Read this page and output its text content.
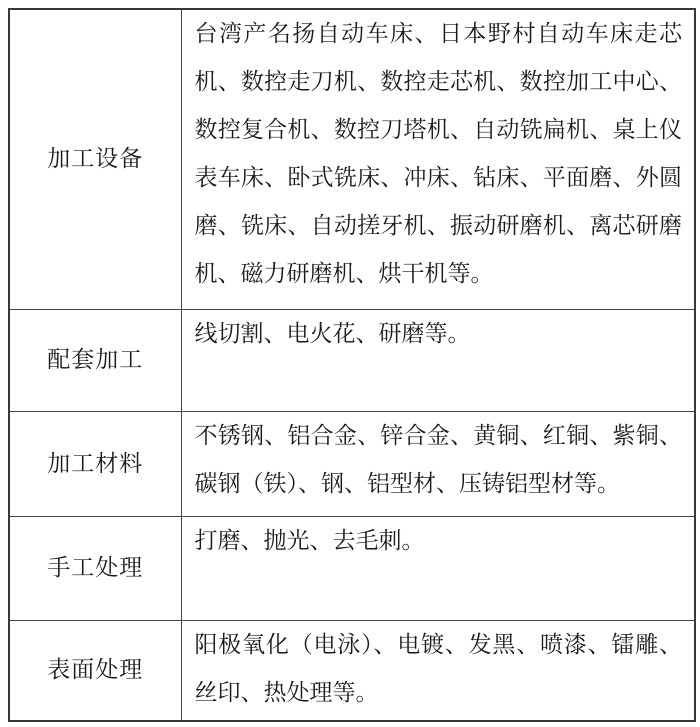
加工设备	台湾产名扬自动车床、日本野村自动车床走芯机、数控走刀机、数控走芯机、数控加工中心、数控复合机、数控刀塔机、自动铣扁机、桌上仪表车床、卧式铣床、冲床、钻床、平面磨、外圆磨、铣床、自动搓牙机、振动研磨机、离芯研磨机、磁力研磨机、烘干机等。
配套加工	线切割、电火花、研磨等。
加工材料	不锈钢、铝合金、锌合金、黄铜、红铜、紫铜、碳钢（铁）、钢、铝型材、压铸铝型材等。
手工处理	打磨、抛光、去毛刺。
表面处理	阳极氧化（电泳）、电镀、发黑、喷漆、镭雕、丝印、热处理等。
